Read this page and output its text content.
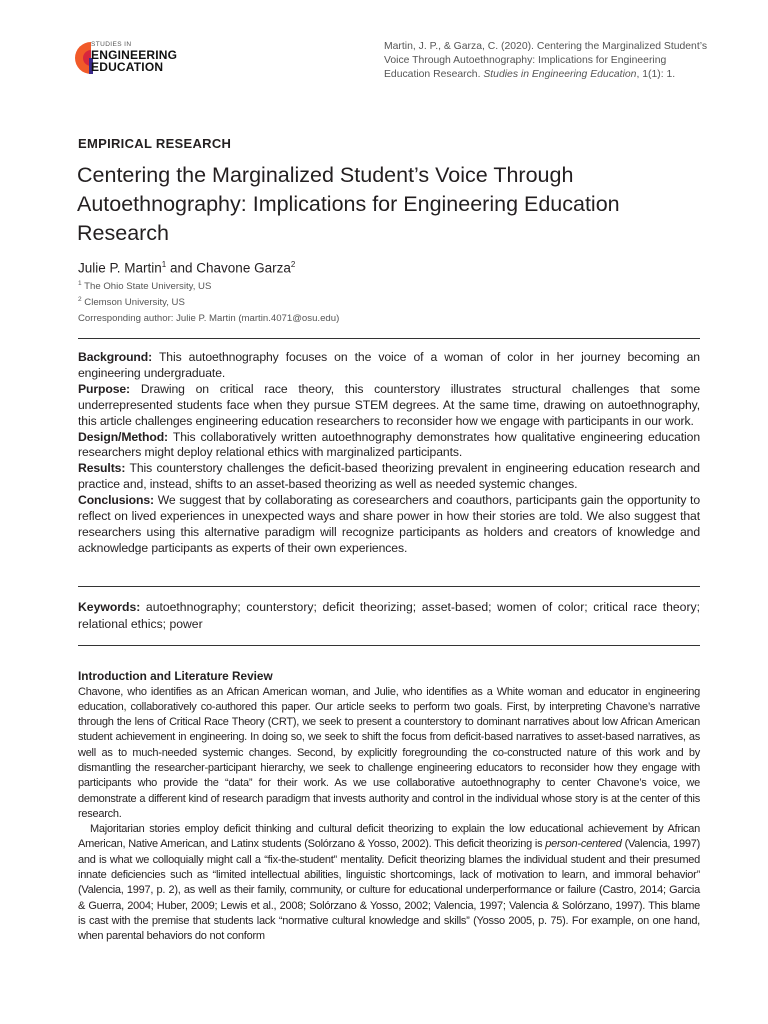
STUDIES IN
ENGINEERING
EDUCATION
Martin, J. P., & Garza, C. (2020). Centering the Marginalized Student’s Voice Through Autoethnography: Implications for Engineering Education Research. Studies in Engineering Education, 1(1): 1.
EMPIRICAL RESEARCH
Centering the Marginalized Student’s Voice Through Autoethnography: Implications for Engineering Education Research
Julie P. Martin$^1$ and Chavone Garza$^2$
$^1$ The Ohio State University, US
$^2$ Clemson University, US
Corresponding author: Julie P. Martin (martin.4071@osu.edu)

Background: This autoethnography focuses on the voice of a woman of color in her journey becoming an engineering undergraduate.

Purpose: Drawing on critical race theory, this counterstory illustrates structural challenges that some underrepresented students face when they pursue STEM degrees. At the same time, drawing on autoethnography, this article challenges engineering education researchers to reconsider how we engage with participants in our work.

Design/Method: This collaboratively written autoethnography demonstrates how qualitative engineering education researchers might deploy relational ethics with marginalized participants.

Results: This counterstory challenges the deficit-based theorizing prevalent in engineering education research and practice and, instead, shifts to an asset-based theorizing as well as needed systemic changes.

Conclusions: We suggest that by collaborating as coresearchers and coauthors, participants gain the opportunity to reflect on lived experiences in unexpected ways and share power in how their stories are told. We also suggest that researchers using this alternative paradigm will recognize participants as holders and creators of knowledge and acknowledge participants as experts of their own experiences.

Keywords: autoethnography; counterstory; deficit theorizing; asset-based; women of color; critical race theory; relational ethics; power
Introduction and Literature Review

Chavone, who identifies as an African American woman, and Julie, who identifies as a White woman and educator in engineering education, collaboratively co-authored this paper. Our article seeks to perform two goals. First, by interpreting Chavone’s narrative through the lens of Critical Race Theory (CRT), we seek to present a counterstory to dominant narratives about low African American student achievement in engineering. In doing so, we seek to shift the focus from deficit-based narratives to asset-based narratives, as well as to much-needed systemic changes. Second, by explicitly foregrounding the co-constructed nature of this work and by dismantling the researcher-participant hierarchy, we seek to challenge engineering educators to reconsider how they engage with participants who provide the “data” for their work. As we use collaborative autoethnography to center Chavone’s voice, we demonstrate a different kind of research paradigm that invests authority and control in the individual whose story is at the center of this research.

Majoritarian stories employ deficit thinking and cultural deficit theorizing to explain the low educational achievement by African American, Native American, and Latinx students (Solórzano & Yosso, 2002). This deficit theorizing is person-centered (Valencia, 1997) and is what we colloquially might call a “fix-the-student” mentality. Deficit theorizing blames the individual student and their presumed innate deficiencies such as “limited intellectual abilities, linguistic shortcomings, lack of motivation to learn, and immoral behavior” (Valencia, 1997, p. 2), as well as their family, community, or culture for educational underperformance or failure (Castro, 2014; Garcia & Guerra, 2004; Huber, 2009; Lewis et al., 2008; Solórzano & Yosso, 2002; Valencia, 1997; Valencia & Solórzano, 1997). This blame is cast with the premise that students lack “normative cultural knowledge and skills” (Yosso 2005, p. 75). For example, on one hand, when parental behaviors do not conform
